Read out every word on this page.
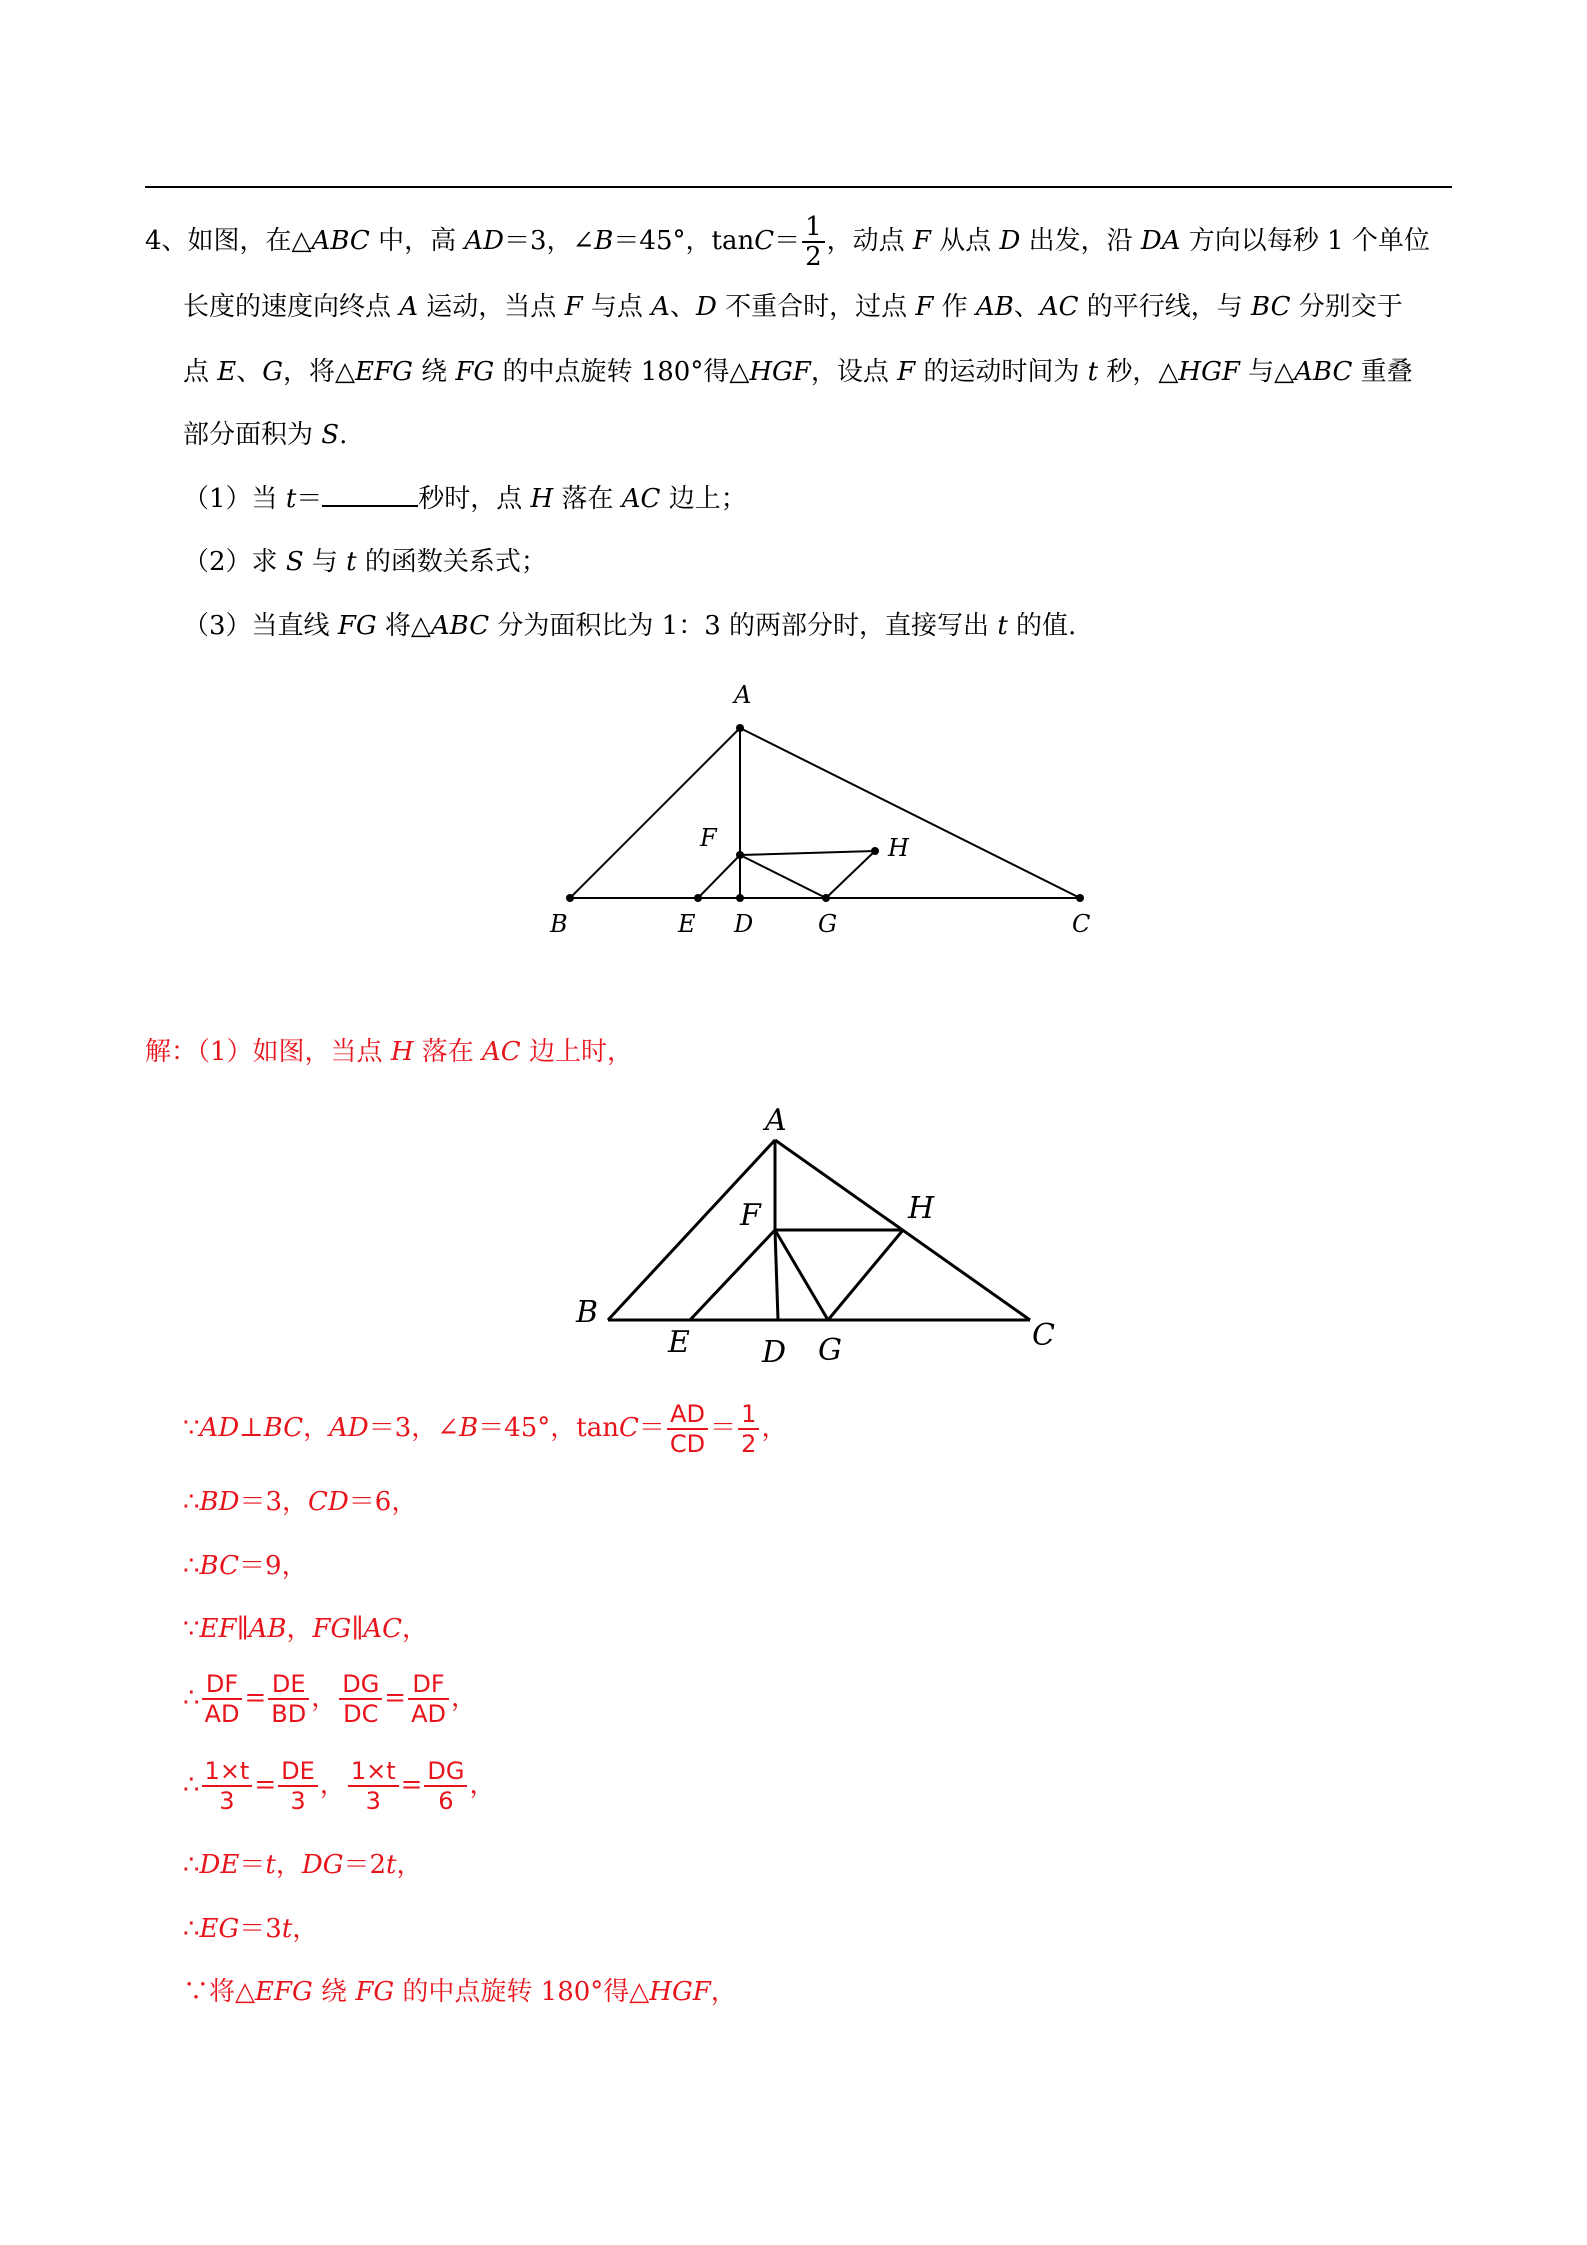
4、如图，在△ABC 中，高 AD＝3，∠B＝45°，$\tan C= \frac{1}{2}$ ，动点 F 从点 D 出发，沿 DA 方向以每秒 1 个单位
长度的速度向终点 A 运动，当点 F 与点 A、D 不重合时，过点 F 作 AB、AC 的平行线，与 BC 分别交于
点 E、G，将△EFG 绕 FG 的中点旋转 180°得△HGF，设点 F 的运动时间为 t 秒，△HGF 与△ABC 重叠
部分面积为 S.
（1）当 t＝	秒时，点 H 落在 AC 边上；
（2）求 S 与 t 的函数关系式；
（3）当直线 FG 将△ABC 分为面积比为 1：3 的两部分时，直接写出 t 的值.
A
F	H
B	E D	G	C
解：（1）如图，当点 H 落在 AC 边上时，
A
F	H
B
E D G	C
∵AD⊥BC，AD＝3，∠B＝45°，$\tan C= \frac{AD}{CD} = \frac{1}{2}$ ，
∴BD＝3，CD＝6，
∴BC＝9，
∵EF∥AB，FG∥AC，
∴ $\frac{DF}{AD} = \frac{DE}{BD}$ ， $\frac{DG}{DC} = \frac{DF}{AD}$ ，
∴ $\frac{1\times t}{3} = \frac{DE}{3}$ ， $\frac{1\times t}{3} = \frac{DG}{6}$ ，
∴DE＝t，DG＝2t，
∴EG＝3t，
∵将△EFG 绕 FG 的中点旋转 180°得△HGF，
